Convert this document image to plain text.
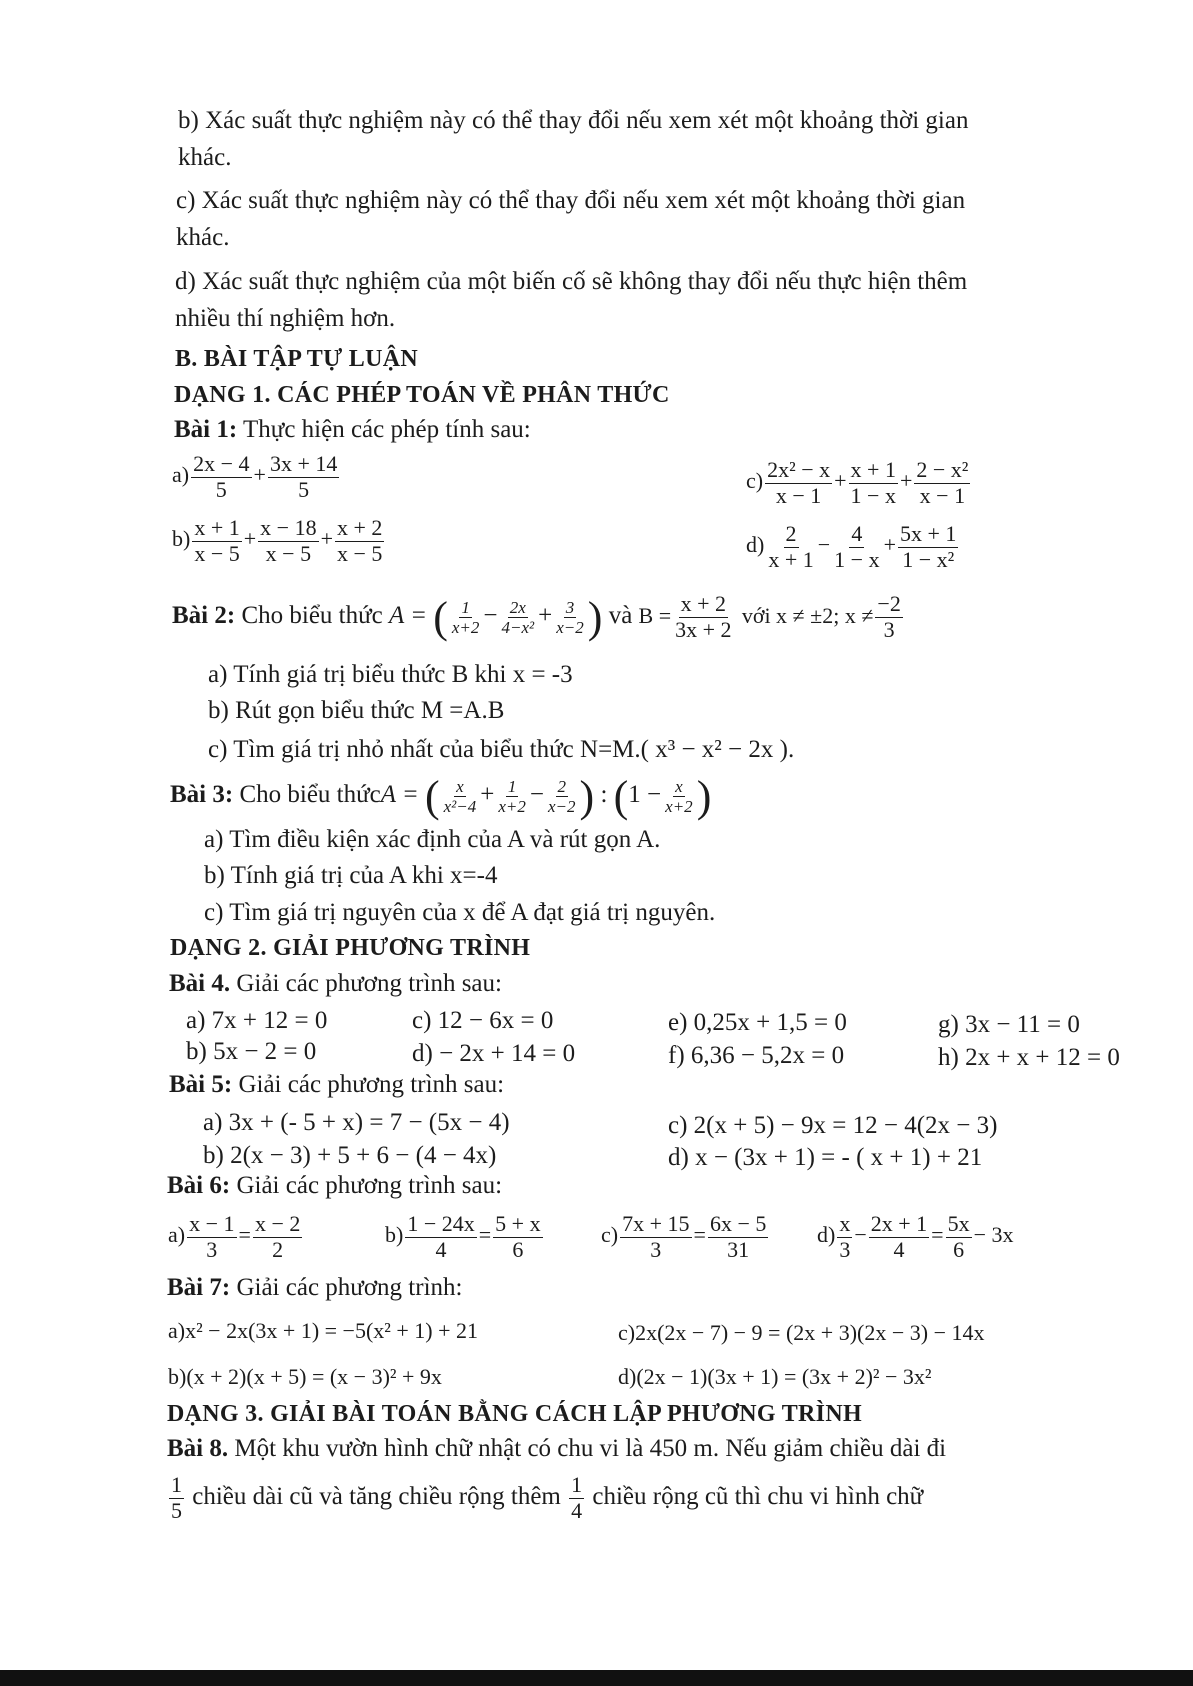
b) Xác suất thực nghiệm này có thể thay đổi nếu xem xét một khoảng thời gian
khác.
c) Xác suất thực nghiệm này có thể thay đổi nếu xem xét một khoảng thời gian
khác.
d) Xác suất thực nghiệm của một biến cố sẽ không thay đổi nếu thực hiện thêm
nhiều thí nghiệm hơn.
B. BÀI TẬP TỰ LUẬN
DẠNG 1. CÁC PHÉP TOÁN VỀ PHÂN THỨC
Bài 1: Thực hiện các phép tính sau:
$a) \frac{2x - 4}{5} + \frac{3x + 14}{5}$	$c) \frac{\text{2x² − x}}{x - 1} + \frac{x + 1}{1 - x} + \frac{\text{2 − x²}}{x - 1}$
$b) \frac{x + 1}{x - 5} + \frac{x - 18}{x - 5} + \frac{x + 2}{x - 5}$	$d) \frac{2}{x + 1} - \frac{4}{1 - x} + \frac{5x + 1}{\text{1 − x²}}$
Bài 2: Cho biểu thức A = ( $\frac{1}{x+2} - \frac{2x}{\text{4−x²}} + \frac{3}{x-2}$ ) và $B = \frac{x + 2}{3x + 2}$ với x ≠ ±2; $x \ne \frac{-2}{3}$
a) Tính giá trị biểu thức B khi x = -3
b) Rút gọn biểu thức M =A.B
c) Tìm giá trị nhỏ nhất của biểu thức N=M.( x³ − x² − 2x ).
Bài 3: Cho biểu thứcA = ( $\frac{x}{\text{x²−4}} + \frac{1}{x+2} - \frac{2}{x-2}$ ) : ($1 - \frac{x}{x+2}$ )
a) Tìm điều kiện xác định của A và rút gọn A.
b) Tính giá trị của A khi x=-4
c) Tìm giá trị nguyên của x để A đạt giá trị nguyên.
DẠNG 2. GIẢI PHƯƠNG TRÌNH
Bài 4. Giải các phương trình sau:
a) 7x + 12 = 0	c) 12 − 6x = 0	e) 0,25x + 1,5 = 0	g) 3x − 11 = 0
b) 5x − 2 = 0	d) − 2x + 14 = 0	f) 6,36 − 5,2x = 0	h) 2x + x + 12 = 0
Bài 5: Giải các phương trình sau:
a) 3x + (- 5 + x) = 7 − (5x − 4)	c) 2(x + 5) − 9x = 12 − 4(2x − 3)
b) 2(x − 3) + 5 + 6 − (4 − 4x)	d) x − (3x + 1) = - ( x + 1) + 21
Bài 6: Giải các phương trình sau:
$a) \frac{x - 1}{3} = \frac{x - 2}{2}$	$b) \frac{1 - 24x}{4} = \frac{5 + x}{6}$	$c) \frac{7x + 15}{3} = \frac{6x - 5}{31} d) \frac{x}{3} - \frac{2x + 1}{4} = \frac{5x}{6} - 3x$
Bài 7: Giải các phương trình:
a)x² − 2x(3x + 1) = −5(x² + 1) + 21	c)2x(2x − 7) − 9 = (2x + 3)(2x − 3) − 14x
b)(x + 2)(x + 5) = (x − 3)² + 9x	d)(2x − 1)(3x + 1) = (3x + 2)² − 3x²
DẠNG 3. GIẢI BÀI TOÁN BẰNG CÁCH LẬP PHƯƠNG TRÌNH
Bài 8. Một khu vườn hình chữ nhật có chu vi là 450 m. Nếu giảm chiều dài đi
$\frac{1}{5}$ chiều dài cũ và tăng chiều rộng thêm $\frac{1}{4}$ chiều rộng cũ thì chu vi hình chữ
